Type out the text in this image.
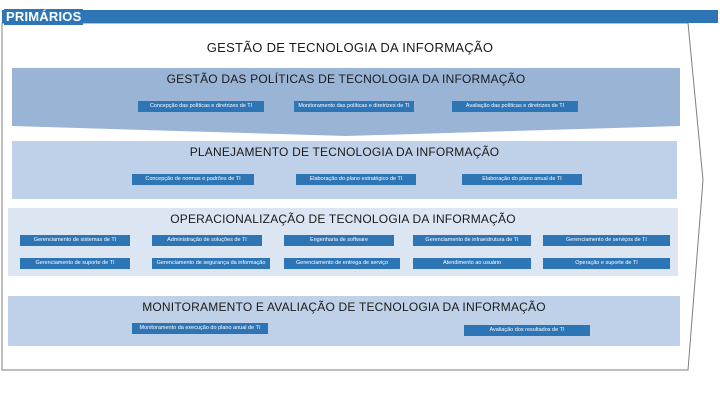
PRIMÁRIOS
GESTÃO DE TECNOLOGIA DA INFORMAÇÃO
GESTÃO DAS POLÍTICAS DE TECNOLOGIA DA INFORMAÇÃO
Concepção das políticas e diretrizes de TI	Monitoramento das políticas e diretrizes de TI	Avaliação das políticas e diretrizes de TI
PLANEJAMENTO DE TECNOLOGIA DA INFORMAÇÃO
Concepção de normas e padrões de TI	Elaboração do plano estratégico de TI	Elaboração do plano anual de TI
OPERACIONALIZAÇÃO DE TECNOLOGIA DA INFORMAÇÃO
Gerenciamento de sistemas de TI	Administração de soluções de TI	Engenharia de software	Gerenciamento de infraestrutura de TI	Gerenciamento de serviços de TI
Gerenciamento de suporte de TI	Gerenciamento de segurança da informação	Gerenciamento de entrega de serviço	Atendimento ao usuário	Operação e suporte de TI
MONITORAMENTO E AVALIAÇÃO DE TECNOLOGIA DA INFORMAÇÃO
Monitoramento da execução do plano anual de TI	Avaliação dos resultados de TI
